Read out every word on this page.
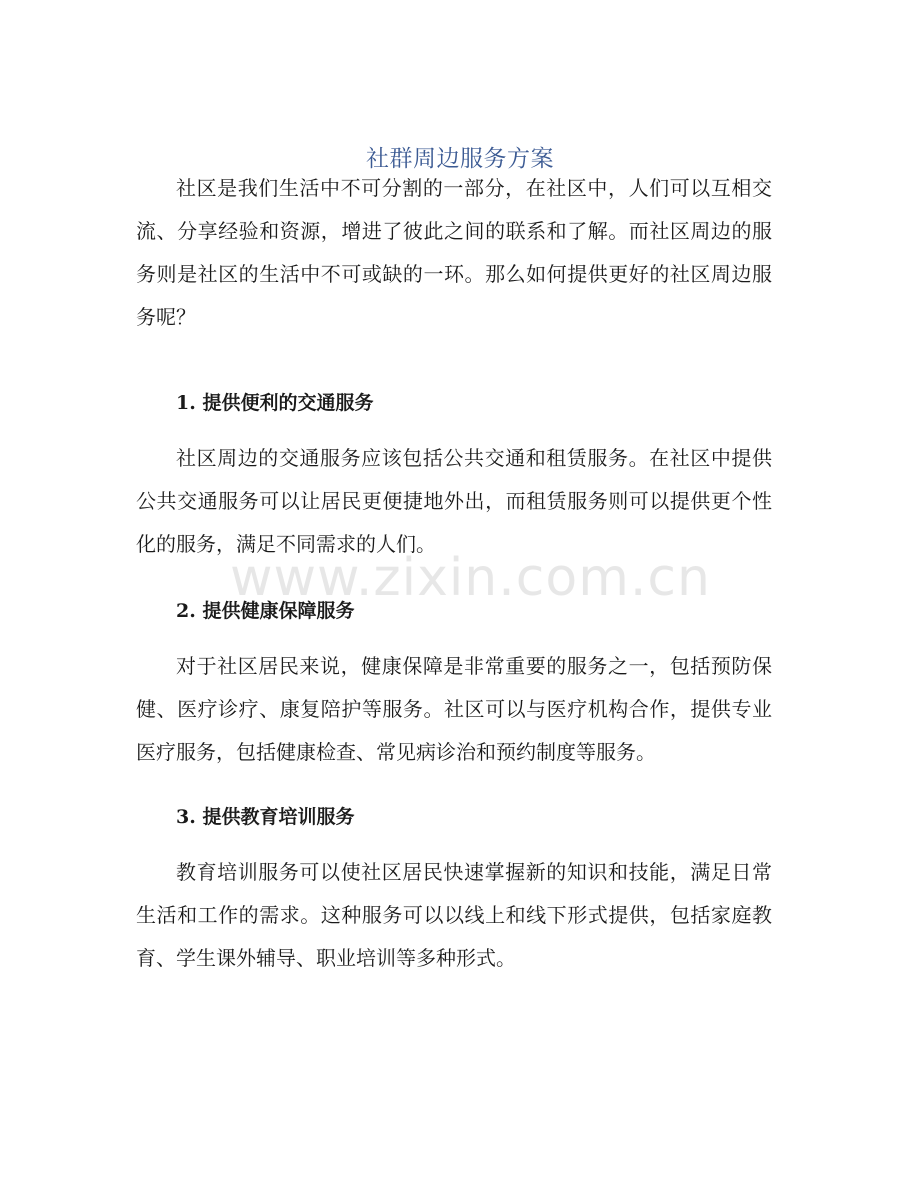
社群周边服务方案

社区是我们生活中不可分割的一部分，在社区中，人们可以互相交流、分享经验和资源，增进了彼此之间的联系和了解。而社区周边的服务则是社区的生活中不可或缺的一环。那么如何提供更好的社区周边服务呢？

1. 提供便利的交通服务

社区周边的交通服务应该包括公共交通和租赁服务。在社区中提供公共交通服务可以让居民更便捷地外出，而租赁服务则可以提供更个性化的服务，满足不同需求的人们。

www.zixin.com.cn
2. 提供健康保障服务

对于社区居民来说，健康保障是非常重要的服务之一，包括预防保健、医疗诊疗、康复陪护等服务。社区可以与医疗机构合作，提供专业医疗服务，包括健康检查、常见病诊治和预约制度等服务。

3. 提供教育培训服务

教育培训服务可以使社区居民快速掌握新的知识和技能，满足日常生活和工作的需求。这种服务可以以线上和线下形式提供，包括家庭教育、学生课外辅导、职业培训等多种形式。
